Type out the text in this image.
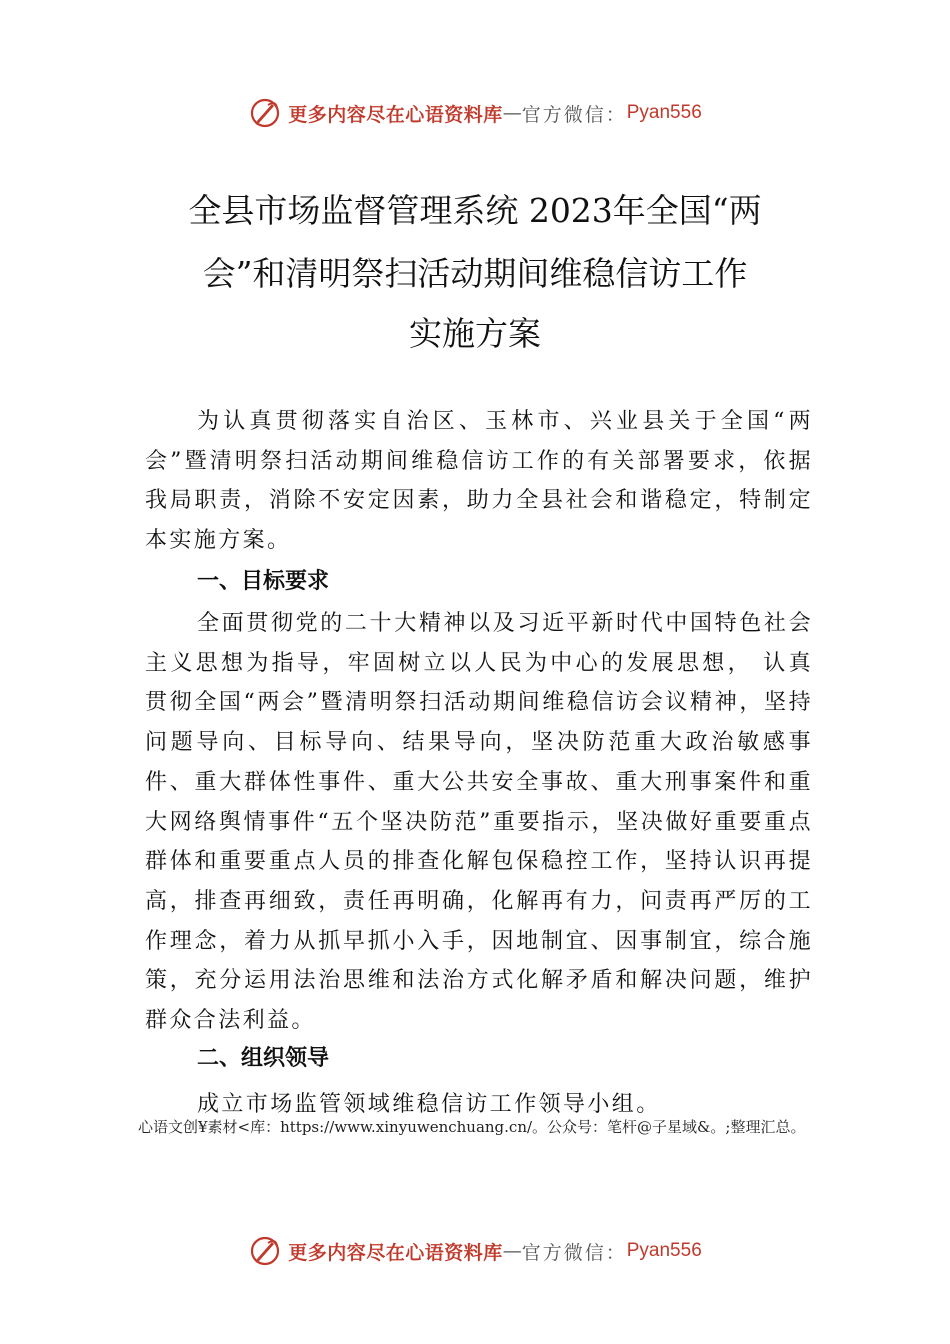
更多内容尽在心语资料库 — 官方微信： Pyan556
全县市场监督管理系统 2023年全国“两
会”和清明祭扫活动期间维稳信访工作
实施方案

为认真贯彻落实自治区、玉林市、兴业县关于全国“两会”暨清明祭扫活动期间维稳信访工作的有关部署要求，依据我局职责，消除不安定因素，助力全县社会和谐稳定，特制定本实施方案。

一、目标要求

全面贯彻党的二十大精神以及习近平新时代中国特色社会主义思想为指导，牢固树立以人民为中心的发展思想， 认真贯彻全国“两会”暨清明祭扫活动期间维稳信访会议精神，坚持问题导向、目标导向、结果导向，坚决防范重大政治敏感事件、重大群体性事件、重大公共安全事故、重大刑事案件和重大网络舆情事件“五个坚决防范”重要指示，坚决做好重要重点群体和重要重点人员的排查化解包保稳控工作，坚持认识再提高，排查再细致，责任再明确，化解再有力，问责再严厉的工作理念，着力从抓早抓小入手，因地制宜、因事制宜，综合施策，充分运用法治思维和法治方式化解矛盾和解决问题，维护群众合法利益。

二、组织领导

成立市场监管领域维稳信访工作领导小组。

心语文创¥素材<库：https://www.xinyuwenchuang.cn/。公众号：笔杆@子星域&。;整理汇总。
更多内容尽在心语资料库 — 官方微信： Pyan556
